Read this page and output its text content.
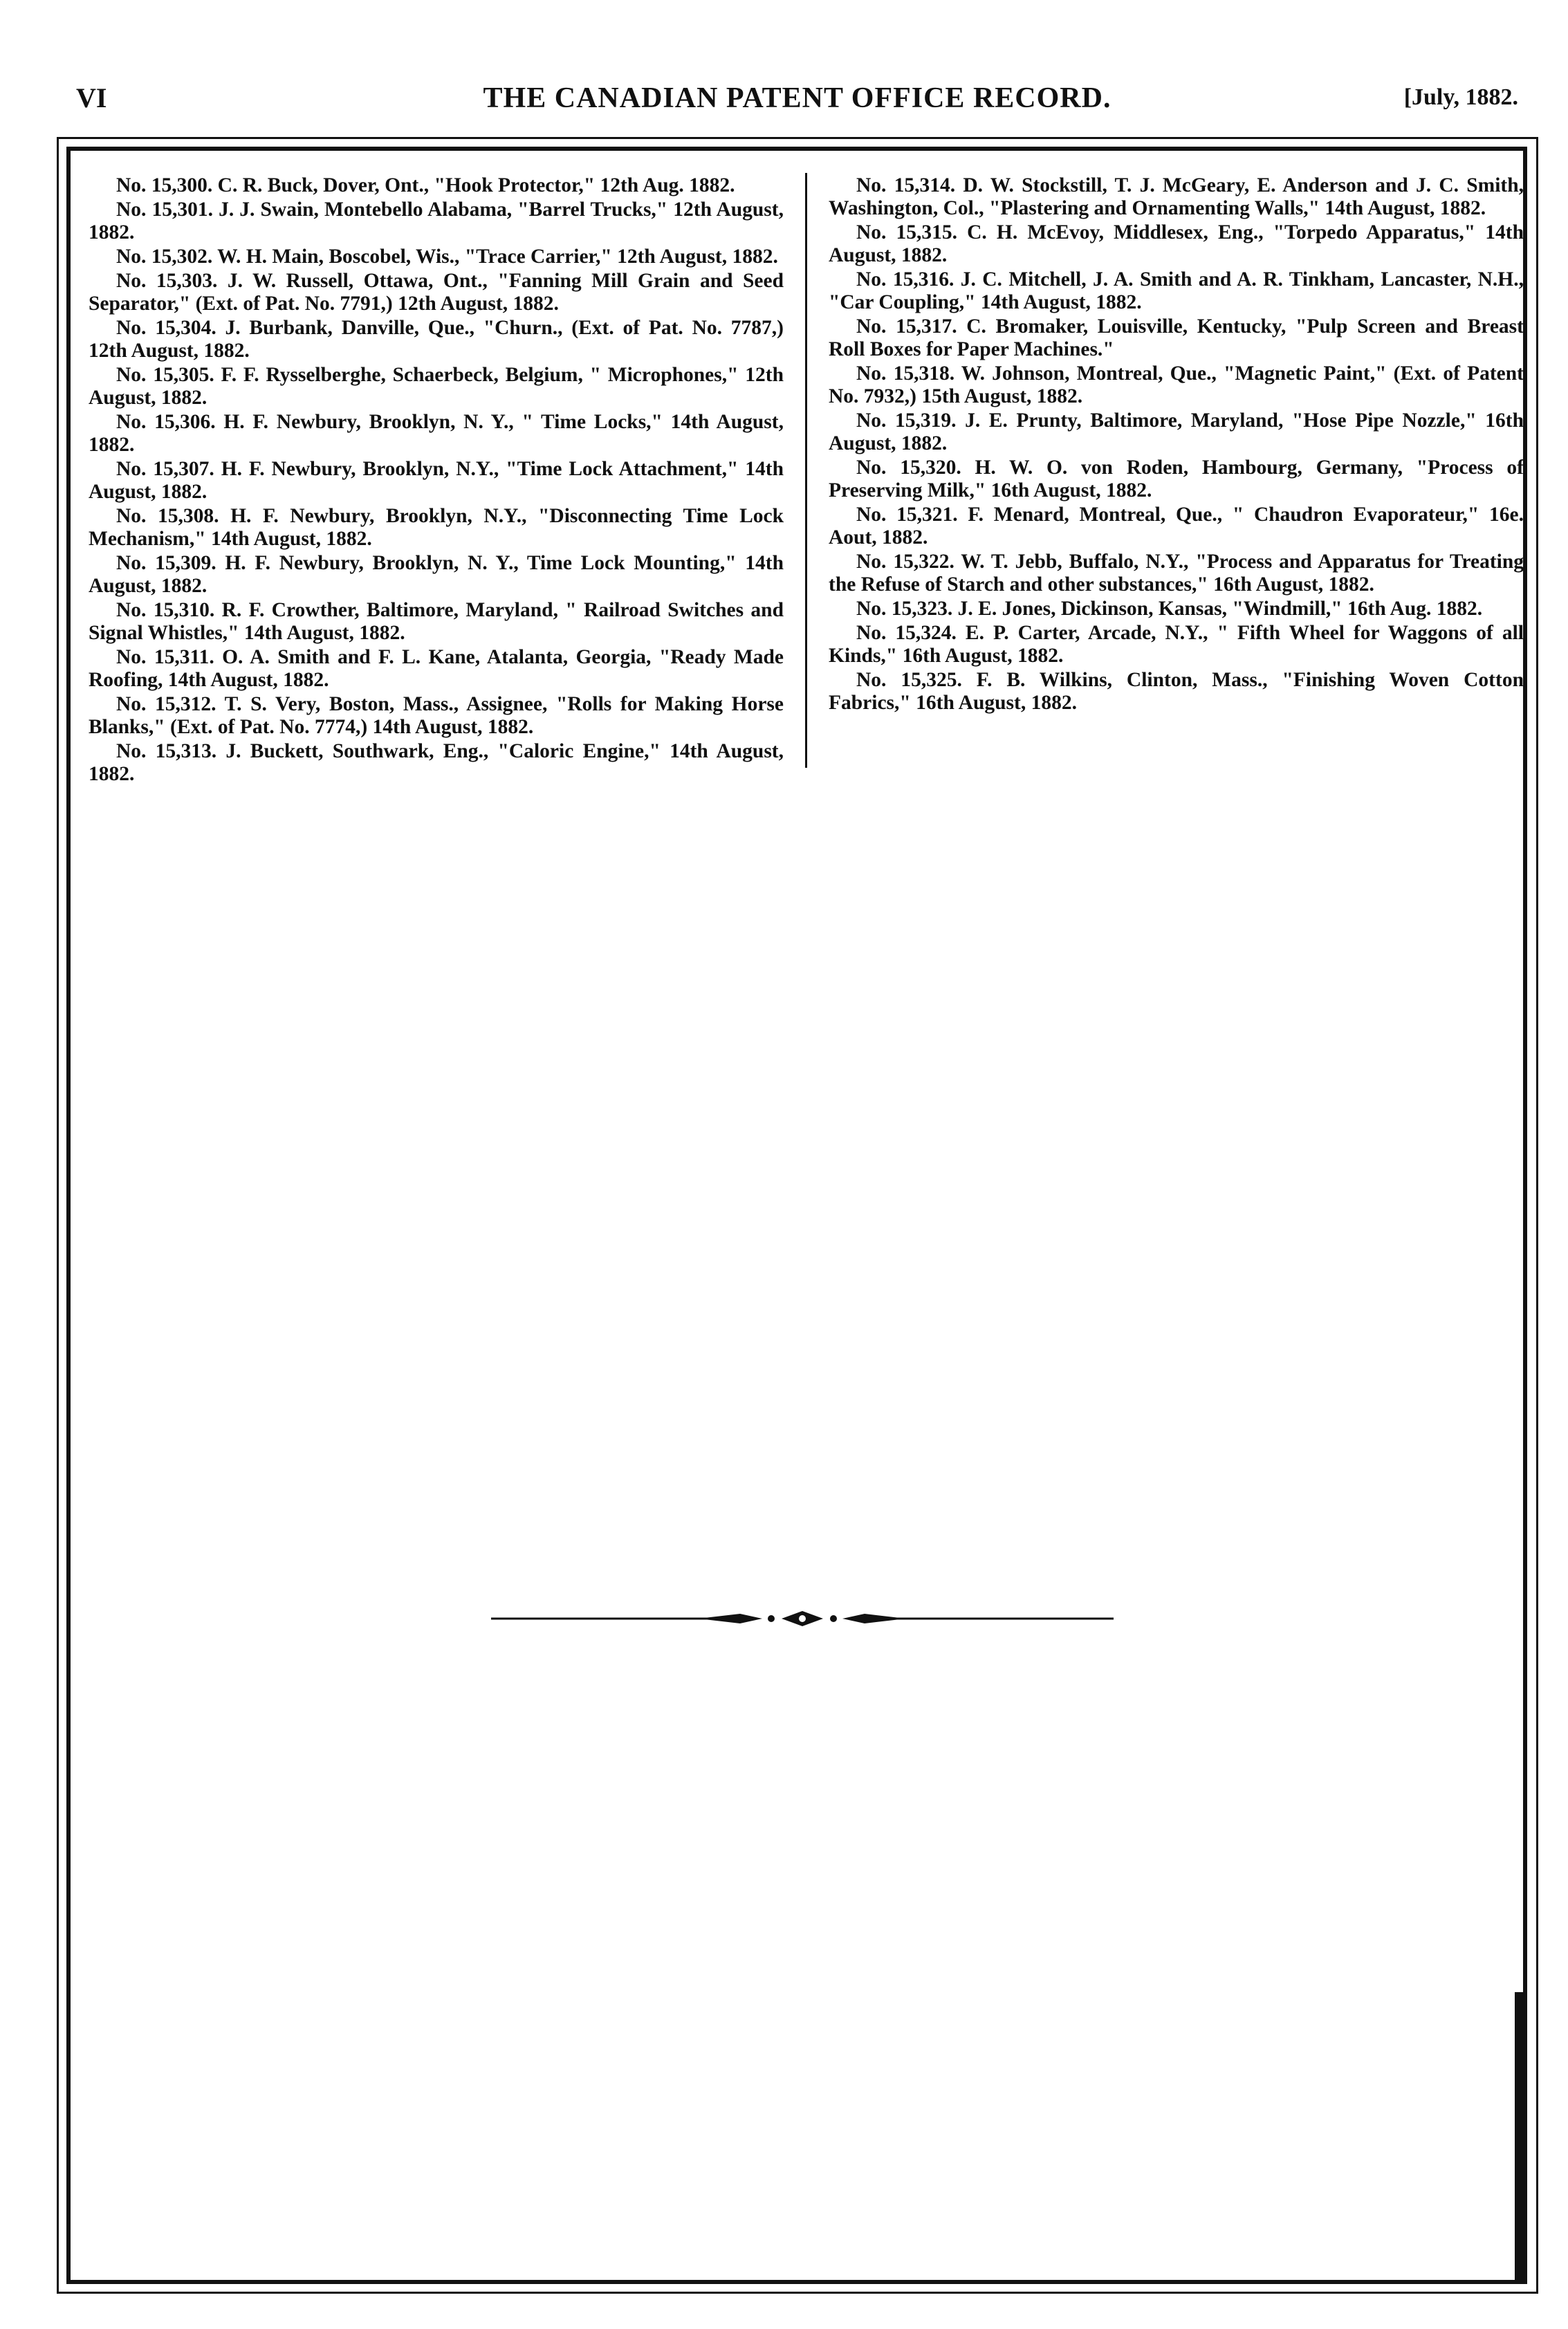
VI	THE CANADIAN PATENT OFFICE RECORD.	[July, 1882.

No. 15,300. C. R. Buck, Dover, Ont., "Hook Protector," 12th Aug. 1882.

No. 15,301. J. J. Swain, Montebello Alabama, "Barrel Trucks," 12th August, 1882.

No. 15,302. W. H. Main, Boscobel, Wis., "Trace Carrier," 12th August, 1882.

No. 15,303. J. W. Russell, Ottawa, Ont., "Fanning Mill Grain and Seed Separator," (Ext. of Pat. No. 7791,) 12th August, 1882.

No. 15,304. J. Burbank, Danville, Que., "Churn., (Ext. of Pat. No. 7787,) 12th August, 1882.

No. 15,305. F. F. Rysselberghe, Schaerbeck, Belgium, " Microphones," 12th August, 1882.

No. 15,306. H. F. Newbury, Brooklyn, N. Y., " Time Locks," 14th August, 1882.

No. 15,307. H. F. Newbury, Brooklyn, N.Y., "Time Lock Attachment," 14th August, 1882.

No. 15,308. H. F. Newbury, Brooklyn, N.Y., "Disconnecting Time Lock Mechanism," 14th August, 1882.

No. 15,309. H. F. Newbury, Brooklyn, N. Y., Time Lock Mounting," 14th August, 1882.

No. 15,310. R. F. Crowther, Baltimore, Maryland, " Railroad Switches and Signal Whistles," 14th August, 1882.

No. 15,311. O. A. Smith and F. L. Kane, Atalanta, Georgia, "Ready Made Roofing, 14th August, 1882.

No. 15,312. T. S. Very, Boston, Mass., Assignee, "Rolls for Making Horse Blanks," (Ext. of Pat. No. 7774,) 14th August, 1882.

No. 15,313. J. Buckett, Southwark, Eng., "Caloric Engine," 14th August, 1882.

No. 15,314. D. W. Stockstill, T. J. McGeary, E. Anderson and J. C. Smith, Washington, Col., "Plastering and Ornamenting Walls," 14th August, 1882.

No. 15,315. C. H. McEvoy, Middlesex, Eng., "Torpedo Apparatus," 14th August, 1882.

No. 15,316. J. C. Mitchell, J. A. Smith and A. R. Tinkham, Lancaster, N.H., "Car Coupling," 14th August, 1882.

No. 15,317. C. Bromaker, Louisville, Kentucky, "Pulp Screen and Breast Roll Boxes for Paper Machines."

No. 15,318. W. Johnson, Montreal, Que., "Magnetic Paint," (Ext. of Patent No. 7932,) 15th August, 1882.

No. 15,319. J. E. Prunty, Baltimore, Maryland, "Hose Pipe Nozzle," 16th August, 1882.

No. 15,320. H. W. O. von Roden, Hambourg, Germany, "Process of Preserving Milk," 16th August, 1882.

No. 15,321. F. Menard, Montreal, Que., " Chaudron Evaporateur," 16e. Aout, 1882.

No. 15,322. W. T. Jebb, Buffalo, N.Y., "Process and Apparatus for Treating the Refuse of Starch and other substances," 16th August, 1882.

No. 15,323. J. E. Jones, Dickinson, Kansas, "Windmill," 16th Aug. 1882.

No. 15,324. E. P. Carter, Arcade, N.Y., " Fifth Wheel for Waggons of all Kinds," 16th August, 1882.

No. 15,325. F. B. Wilkins, Clinton, Mass., "Finishing Woven Cotton Fabrics," 16th August, 1882.
